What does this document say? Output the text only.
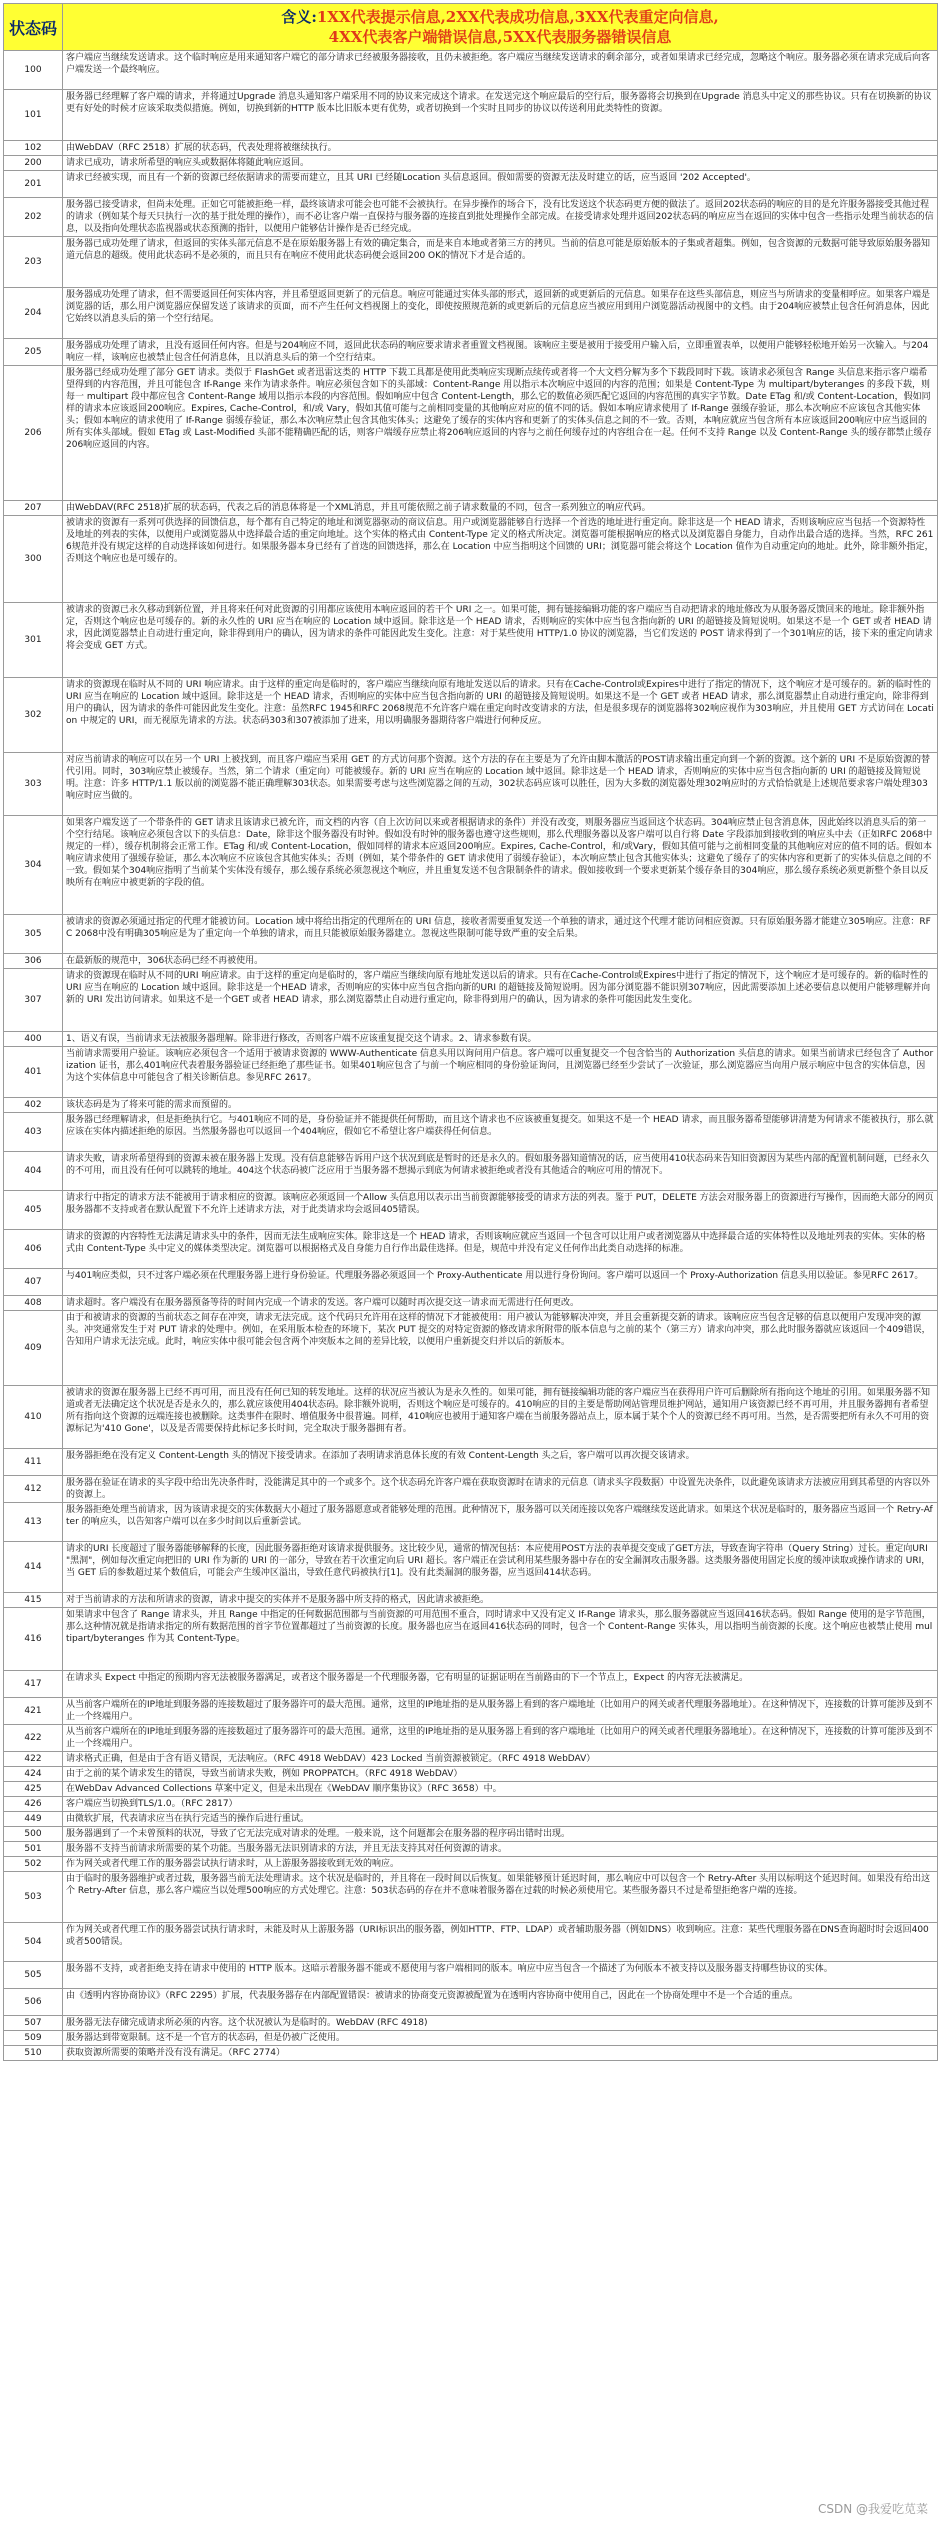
状态码
含义:1XX代表提示信息,2XX代表成功信息,3XX代表重定向信息,
4XX代表客户端错误信息,5XX代表服务器错误信息
100
客户端应当继续发送请求。这个临时响应是用来通知客户端它的部分请求已经被服务器接收，且仍未被拒绝。客户端应当继续发送请求的剩余部分，或者如果请求已经完成，忽略这个响应。服务器必须在请求完成后向客户端发送一个最终响应。
101
服务器已经理解了客户端的请求，并将通过Upgrade 消息头通知客户端采用不同的协议来完成这个请求。在发送完这个响应最后的空行后，服务器将会切换到在Upgrade 消息头中定义的那些协议。只有在切换新的协议更有好处的时候才应该采取类似措施。例如，切换到新的HTTP 版本比旧版本更有优势，或者切换到一个实时且同步的协议以传送利用此类特性的资源。
102	由WebDAV（RFC 2518）扩展的状态码，代表处理将被继续执行。
200	请求已成功，请求所希望的响应头或数据体将随此响应返回。
201
请求已经被实现，而且有一个新的资源已经依据请求的需要而建立，且其 URI 已经随Location 头信息返回。假如需要的资源无法及时建立的话，应当返回 '202 Accepted'。
202
服务器已接受请求，但尚未处理。正如它可能被拒绝一样，最终该请求可能会也可能不会被执行。在异步操作的场合下，没有比发送这个状态码更方便的做法了。返回202状态码的响应的目的是允许服务器接受其他过程的请求（例如某个每天只执行一次的基于批处理的操作），而不必让客户端一直保持与服务器的连接直到批处理操作全部完成。在接受请求处理并返回202状态码的响应应当在返回的实体中包含一些指示处理当前状态的信息，以及指向处理状态监视器或状态预测的指针，以便用户能够估计操作是否已经完成。
203
服务器已成功处理了请求，但返回的实体头部元信息不是在原始服务器上有效的确定集合，而是来自本地或者第三方的拷贝。当前的信息可能是原始版本的子集或者超集。例如，包含资源的元数据可能导致原始服务器知道元信息的超级。使用此状态码不是必须的，而且只有在响应不使用此状态码便会返回200 OK的情况下才是合适的。
204
服务器成功处理了请求，但不需要返回任何实体内容，并且希望返回更新了的元信息。响应可能通过实体头部的形式，返回新的或更新后的元信息。如果存在这些头部信息，则应当与所请求的变量相呼应。如果客户端是浏览器的话，那么用户浏览器应保留发送了该请求的页面，而不产生任何文档视图上的变化，即使按照规范新的或更新后的元信息应当被应用到用户浏览器活动视图中的文档。由于204响应被禁止包含任何消息体，因此它始终以消息头后的第一个空行结尾。
205
服务器成功处理了请求，且没有返回任何内容。但是与204响应不同，返回此状态码的响应要求请求者重置文档视图。该响应主要是被用于接受用户输入后，立即重置表单，以便用户能够轻松地开始另一次输入。与204响应一样，该响应也被禁止包含任何消息体，且以消息头后的第一个空行结束。
206
服务器已经成功处理了部分 GET 请求。类似于 FlashGet 或者迅雷这类的 HTTP 下载工具都是使用此类响应实现断点续传或者将一个大文档分解为多个下载段同时下载。该请求必须包含 Range 头信息来指示客户端希望得到的内容范围，并且可能包含 If-Range 来作为请求条件。响应必须包含如下的头部域：Content-Range 用以指示本次响应中返回的内容的范围；如果是 Content-Type 为 multipart/byteranges 的多段下载，则每一 multipart 段中都应包含 Content-Range 域用以指示本段的内容范围。假如响应中包含 Content-Length，那么它的数值必须匹配它返回的内容范围的真实字节数。Date ETag 和/或 Content-Location，假如同样的请求本应该返回200响应。Expires, Cache-Control，和/或 Vary，假如其值可能与之前相同变量的其他响应对应的值不同的话。假如本响应请求使用了 If-Range 强缓存验证，那么本次响应不应该包含其他实体头；假如本响应的请求使用了 If-Range 弱缓存验证，那么本次响应禁止包含其他实体头；这避免了缓存的实体内容和更新了的实体头信息之间的不一致。否则，本响应就应当包含所有本应该返回200响应中应当返回的所有实体头部域。假如 ETag 或 Last-Modified 头部不能精确匹配的话，则客户端缓存应禁止将206响应返回的内容与之前任何缓存过的内容组合在一起。任何不支持 Range 以及 Content-Range 头的缓存都禁止缓存206响应返回的内容。
207	由WebDAV(RFC 2518)扩展的状态码，代表之后的消息体将是一个XML消息，并且可能依照之前子请求数量的不同，包含一系列独立的响应代码。
300
被请求的资源有一系列可供选择的回馈信息，每个都有自己特定的地址和浏览器驱动的商议信息。用户或浏览器能够自行选择一个首选的地址进行重定向。除非这是一个 HEAD 请求，否则该响应应当包括一个资源特性及地址的列表的实体，以便用户或浏览器从中选择最合适的重定向地址。这个实体的格式由 Content-Type 定义的格式所决定。浏览器可能根据响应的格式以及浏览器自身能力，自动作出最合适的选择。当然，RFC 2616规范并没有规定这样的自动选择该如何进行。如果服务器本身已经有了首选的回馈选择，那么在 Location 中应当指明这个回馈的 URI；浏览器可能会将这个 Location 值作为自动重定向的地址。此外，除非额外指定，否则这个响应也是可缓存的。
301
被请求的资源已永久移动到新位置，并且将来任何对此资源的引用都应该使用本响应返回的若干个 URI 之一。如果可能，拥有链接编辑功能的客户端应当自动把请求的地址修改为从服务器反馈回来的地址。除非额外指定，否则这个响应也是可缓存的。新的永久性的 URI 应当在响应的 Location 域中返回。除非这是一个 HEAD 请求，否则响应的实体中应当包含指向新的 URI 的超链接及简短说明。如果这不是一个 GET 或者 HEAD 请求，因此浏览器禁止自动进行重定向，除非得到用户的确认，因为请求的条件可能因此发生变化。注意：对于某些使用 HTTP/1.0 协议的浏览器，当它们发送的 POST 请求得到了一个301响应的话，接下来的重定向请求将会变成 GET 方式。
302
请求的资源现在临时从不同的 URI 响应请求。由于这样的重定向是临时的，客户端应当继续向原有地址发送以后的请求。只有在Cache-Control或Expires中进行了指定的情况下，这个响应才是可缓存的。新的临时性的 URI 应当在响应的 Location 域中返回。除非这是一个 HEAD 请求，否则响应的实体中应当包含指向新的 URI 的超链接及简短说明。如果这不是一个 GET 或者 HEAD 请求，那么浏览器禁止自动进行重定向，除非得到用户的确认，因为请求的条件可能因此发生变化。注意：虽然RFC 1945和RFC 2068规范不允许客户端在重定向时改变请求的方法，但是很多现存的浏览器将302响应视作为303响应，并且使用 GET 方式访问在 Location 中规定的 URI，而无视原先请求的方法。状态码303和307被添加了进来，用以明确服务器期待客户端进行何种反应。
303
对应当前请求的响应可以在另一个 URI 上被找到，而且客户端应当采用 GET 的方式访问那个资源。这个方法的存在主要是为了允许由脚本激活的POST请求输出重定向到一个新的资源。这个新的 URI 不是原始资源的替代引用。同时，303响应禁止被缓存。当然，第二个请求（重定向）可能被缓存。新的 URI 应当在响应的 Location 域中返回。除非这是一个 HEAD 请求，否则响应的实体中应当包含指向新的 URI 的超链接及简短说明。注意：许多 HTTP/1.1 版以前的浏览器不能正确理解303状态。如果需要考虑与这些浏览器之间的互动，302状态码应该可以胜任，因为大多数的浏览器处理302响应时的方式恰恰就是上述规范要求客户端处理303响应时应当做的。
304
如果客户端发送了一个带条件的 GET 请求且该请求已被允许，而文档的内容（自上次访问以来或者根据请求的条件）并没有改变，则服务器应当返回这个状态码。304响应禁止包含消息体，因此始终以消息头后的第一个空行结尾。该响应必须包含以下的头信息：Date，除非这个服务器没有时钟。假如没有时钟的服务器也遵守这些规则，那么代理服务器以及客户端可以自行将 Date 字段添加到接收到的响应头中去（正如RFC 2068中规定的一样），缓存机制将会正常工作。ETag 和/或 Content-Location，假如同样的请求本应返回200响应。Expires, Cache-Control，和/或Vary，假如其值可能与之前相同变量的其他响应对应的值不同的话。假如本响应请求使用了强缓存验证，那么本次响应不应该包含其他实体头；否则（例如，某个带条件的 GET 请求使用了弱缓存验证），本次响应禁止包含其他实体头；这避免了缓存了的实体内容和更新了的实体头信息之间的不一致。假如某个304响应指明了当前某个实体没有缓存，那么缓存系统必须忽视这个响应，并且重复发送不包含限制条件的请求。假如接收到一个要求更新某个缓存条目的304响应，那么缓存系统必须更新整个条目以反映所有在响应中被更新的字段的值。
305
被请求的资源必须通过指定的代理才能被访问。Location 域中将给出指定的代理所在的 URI 信息，接收者需要重复发送一个单独的请求，通过这个代理才能访问相应资源。只有原始服务器才能建立305响应。注意：RFC 2068中没有明确305响应是为了重定向一个单独的请求，而且只能被原始服务器建立。忽视这些限制可能导致严重的安全后果。
306	在最新版的规范中，306状态码已经不再被使用。
307
请求的资源现在临时从不同的URI 响应请求。由于这样的重定向是临时的，客户端应当继续向原有地址发送以后的请求。只有在Cache-Control或Expires中进行了指定的情况下，这个响应才是可缓存的。新的临时性的URI 应当在响应的 Location 域中返回。除非这是一个HEAD 请求，否则响应的实体中应当包含指向新的URI 的超链接及简短说明。因为部分浏览器不能识别307响应，因此需要添加上述必要信息以便用户能够理解并向新的 URI 发出访问请求。如果这不是一个GET 或者 HEAD 请求，那么浏览器禁止自动进行重定向，除非得到用户的确认，因为请求的条件可能因此发生变化。
400	1、语义有误，当前请求无法被服务器理解。除非进行修改，否则客户端不应该重复提交这个请求。2、请求参数有误。
401
当前请求需要用户验证。该响应必须包含一个适用于被请求资源的 WWW-Authenticate 信息头用以询问用户信息。客户端可以重复提交一个包含恰当的 Authorization 头信息的请求。如果当前请求已经包含了 Authorization 证书，那么401响应代表着服务器验证已经拒绝了那些证书。如果401响应包含了与前一个响应相同的身份验证询问，且浏览器已经至少尝试了一次验证，那么浏览器应当向用户展示响应中包含的实体信息，因为这个实体信息中可能包含了相关诊断信息。参见RFC 2617。
402	该状态码是为了将来可能的需求而预留的。
403
服务器已经理解请求，但是拒绝执行它。与401响应不同的是，身份验证并不能提供任何帮助，而且这个请求也不应该被重复提交。如果这不是一个 HEAD 请求，而且服务器希望能够讲清楚为何请求不能被执行，那么就应该在实体内描述拒绝的原因。当然服务器也可以返回一个404响应，假如它不希望让客户端获得任何信息。
404
请求失败，请求所希望得到的资源未被在服务器上发现。没有信息能够告诉用户这个状况到底是暂时的还是永久的。假如服务器知道情况的话，应当使用410状态码来告知旧资源因为某些内部的配置机制问题，已经永久的不可用，而且没有任何可以跳转的地址。404这个状态码被广泛应用于当服务器不想揭示到底为何请求被拒绝或者没有其他适合的响应可用的情况下。
405
请求行中指定的请求方法不能被用于请求相应的资源。该响应必须返回一个Allow 头信息用以表示出当前资源能够接受的请求方法的列表。鉴于 PUT，DELETE 方法会对服务器上的资源进行写操作，因而绝大部分的网页服务器都不支持或者在默认配置下不允许上述请求方法，对于此类请求均会返回405错误。
406
请求的资源的内容特性无法满足请求头中的条件，因而无法生成响应实体。除非这是一个 HEAD 请求，否则该响应就应当返回一个包含可以让用户或者浏览器从中选择最合适的实体特性以及地址列表的实体。实体的格式由 Content-Type 头中定义的媒体类型决定。浏览器可以根据格式及自身能力自行作出最佳选择。但是，规范中并没有定义任何作出此类自动选择的标准。
407
与401响应类似，只不过客户端必须在代理服务器上进行身份验证。代理服务器必须返回一个 Proxy-Authenticate 用以进行身份询问。客户端可以返回一个 Proxy-Authorization 信息头用以验证。参见RFC 2617。
408	请求超时。客户端没有在服务器预备等待的时间内完成一个请求的发送。客户端可以随时再次提交这一请求而无需进行任何更改。
409
由于和被请求的资源的当前状态之间存在冲突，请求无法完成。这个代码只允许用在这样的情况下才能被使用：用户被认为能够解决冲突，并且会重新提交新的请求。该响应应当包含足够的信息以便用户发现冲突的源头。冲突通常发生于对 PUT 请求的处理中。例如，在采用版本检查的环境下，某次 PUT 提交的对特定资源的修改请求所附带的版本信息与之前的某个（第三方）请求向冲突，那么此时服务器就应该返回一个409错误，告知用户请求无法完成。此时，响应实体中很可能会包含两个冲突版本之间的差异比较，以便用户重新提交归并以后的新版本。
410
被请求的资源在服务器上已经不再可用，而且没有任何已知的转发地址。这样的状况应当被认为是永久性的。如果可能，拥有链接编辑功能的客户端应当在获得用户许可后删除所有指向这个地址的引用。如果服务器不知道或者无法确定这个状况是否是永久的，那么就应该使用404状态码。除非额外说明，否则这个响应是可缓存的。410响应的目的主要是帮助网站管理员维护网站，通知用户该资源已经不再可用，并且服务器拥有者希望所有指向这个资源的远端连接也被删除。这类事件在限时、增值服务中很普遍。同样，410响应也被用于通知客户端在当前服务器站点上，原本属于某个个人的资源已经不再可用。当然，是否需要把所有永久不可用的资源标记为'410 Gone'，以及是否需要保持此标记多长时间，完全取决于服务器拥有者。
411
服务器拒绝在没有定义 Content-Length 头的情况下接受请求。在添加了表明请求消息体长度的有效 Content-Length 头之后，客户端可以再次提交该请求。
412
服务器在验证在请求的头字段中给出先决条件时，没能满足其中的一个或多个。这个状态码允许客户端在获取资源时在请求的元信息（请求头字段数据）中设置先决条件，以此避免该请求方法被应用到其希望的内容以外的资源上。
413
服务器拒绝处理当前请求，因为该请求提交的实体数据大小超过了服务器愿意或者能够处理的范围。此种情况下，服务器可以关闭连接以免客户端继续发送此请求。如果这个状况是临时的，服务器应当返回一个 Retry-After 的响应头，以告知客户端可以在多少时间以后重新尝试。
414
请求的URI 长度超过了服务器能够解释的长度，因此服务器拒绝对该请求提供服务。这比较少见，通常的情况包括：本应使用POST方法的表单提交变成了GET方法，导致查询字符串（Query String）过长。重定向URI "黑洞"，例如每次重定向把旧的 URI 作为新的 URI 的一部分，导致在若干次重定向后 URI 超长。客户端正在尝试利用某些服务器中存在的安全漏洞攻击服务器。这类服务器使用固定长度的缓冲读取或操作请求的 URI，当 GET 后的参数超过某个数值后，可能会产生缓冲区溢出，导致任意代码被执行[1]。没有此类漏洞的服务器，应当返回414状态码。
415	对于当前请求的方法和所请求的资源，请求中提交的实体并不是服务器中所支持的格式，因此请求被拒绝。
416
如果请求中包含了 Range 请求头，并且 Range 中指定的任何数据范围都与当前资源的可用范围不重合，同时请求中又没有定义 If-Range 请求头，那么服务器就应当返回416状态码。假如 Range 使用的是字节范围，那么这种情况就是指请求指定的所有数据范围的首字节位置都超过了当前资源的长度。服务器也应当在返回416状态码的同时，包含一个 Content-Range 实体头，用以指明当前资源的长度。这个响应也被禁止使用 multipart/byteranges 作为其 Content-Type。
417
在请求头 Expect 中指定的预期内容无法被服务器满足，或者这个服务器是一个代理服务器，它有明显的证据证明在当前路由的下一个节点上，Expect 的内容无法被满足。
421
从当前客户端所在的IP地址到服务器的连接数超过了服务器许可的最大范围。通常，这里的IP地址指的是从服务器上看到的客户端地址（比如用户的网关或者代理服务器地址）。在这种情况下，连接数的计算可能涉及到不止一个终端用户。
422
从当前客户端所在的IP地址到服务器的连接数超过了服务器许可的最大范围。通常，这里的IP地址指的是从服务器上看到的客户端地址（比如用户的网关或者代理服务器地址）。在这种情况下，连接数的计算可能涉及到不止一个终端用户。
422	请求格式正确，但是由于含有语义错误，无法响应。（RFC 4918 WebDAV）423 Locked 当前资源被锁定。（RFC 4918 WebDAV）
424	由于之前的某个请求发生的错误，导致当前请求失败，例如 PROPPATCH。（RFC 4918 WebDAV）
425	在WebDav Advanced Collections 草案中定义，但是未出现在《WebDAV 顺序集协议》（RFC 3658）中。
426	客户端应当切换到TLS/1.0。（RFC 2817）
449	由微软扩展，代表请求应当在执行完适当的操作后进行重试。
500	服务器遇到了一个未曾预料的状况，导致了它无法完成对请求的处理。一般来说，这个问题都会在服务器的程序码出错时出现。
501	服务器不支持当前请求所需要的某个功能。当服务器无法识别请求的方法，并且无法支持其对任何资源的请求。
502	作为网关或者代理工作的服务器尝试执行请求时，从上游服务器接收到无效的响应。
503
由于临时的服务器维护或者过载，服务器当前无法处理请求。这个状况是临时的，并且将在一段时间以后恢复。如果能够预计延迟时间，那么响应中可以包含一个 Retry-After 头用以标明这个延迟时间。如果没有给出这个 Retry-After 信息，那么客户端应当以处理500响应的方式处理它。注意：503状态码的存在并不意味着服务器在过载的时候必须使用它。某些服务器只不过是希望拒绝客户端的连接。
504
作为网关或者代理工作的服务器尝试执行请求时，未能及时从上游服务器（URI标识出的服务器，例如HTTP、FTP、LDAP）或者辅助服务器（例如DNS）收到响应。注意：某些代理服务器在DNS查询超时时会返回400或者500错误。
505
服务器不支持，或者拒绝支持在请求中使用的 HTTP 版本。这暗示着服务器不能或不愿使用与客户端相同的版本。响应中应当包含一个描述了为何版本不被支持以及服务器支持哪些协议的实体。
506
由《透明内容协商协议》（RFC 2295）扩展，代表服务器存在内部配置错误：被请求的协商变元资源被配置为在透明内容协商中使用自己，因此在一个协商处理中不是一个合适的重点。
507	服务器无法存储完成请求所必须的内容。这个状况被认为是临时的。WebDAV (RFC 4918)
509	服务器达到带宽限制。这不是一个官方的状态码，但是仍被广泛使用。
510	获取资源所需要的策略并没有没有满足。（RFC 2774）
CSDN @我爱吃苋菜
